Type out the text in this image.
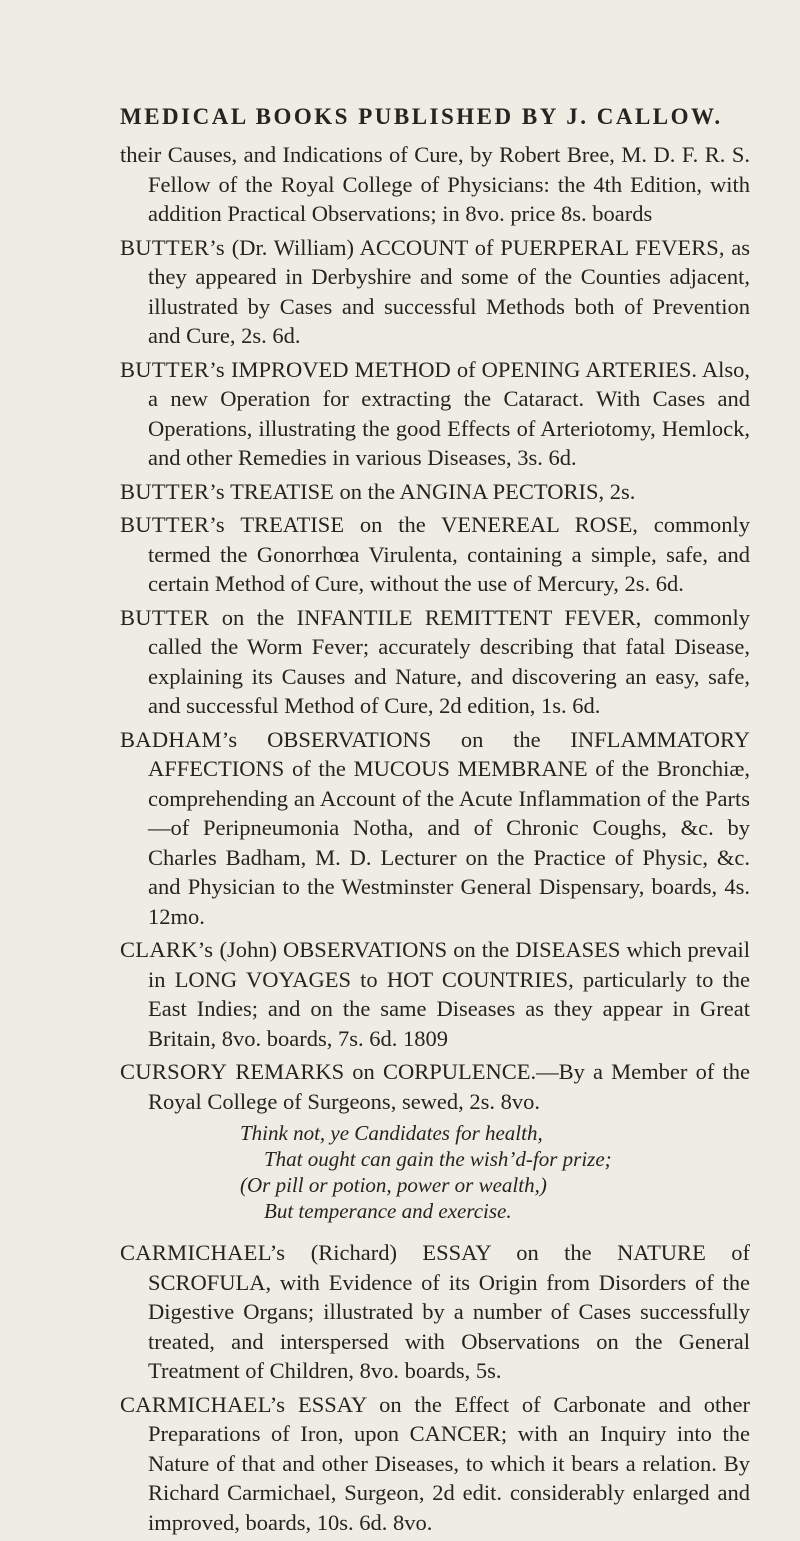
MEDICAL BOOKS PUBLISHED BY J. CALLOW.

their Causes, and Indications of Cure, by Robert Bree, M. D. F. R. S. Fellow of the Royal College of Physicians: the 4th Edition, with addition Practical Observations; in 8vo. price 8s. boards

BUTTER’s (Dr. William) ACCOUNT of PUERPERAL FEVERS, as they appeared in Derbyshire and some of the Counties adjacent, illustrated by Cases and successful Methods both of Prevention and Cure, 2s. 6d.

BUTTER’s IMPROVED METHOD of OPENING ARTERIES. Also, a new Operation for extracting the Cataract. With Cases and Operations, illustrating the good Effects of Arteriotomy, Hemlock, and other Remedies in various Diseases, 3s. 6d.

BUTTER’s TREATISE on the ANGINA PECTORIS, 2s.

BUTTER’s TREATISE on the VENEREAL ROSE, commonly termed the Gonorrhœa Virulenta, containing a simple, safe, and certain Method of Cure, without the use of Mercury, 2s. 6d.

BUTTER on the INFANTILE REMITTENT FEVER, commonly called the Worm Fever; accurately describing that fatal Disease, explaining its Causes and Nature, and discovering an easy, safe, and successful Method of Cure, 2d edition, 1s. 6d.

BADHAM’s OBSERVATIONS on the INFLAMMATORY AFFECTIONS of the MUCOUS MEMBRANE of the Bronchiæ, comprehending an Account of the Acute Inflammation of the Parts—of Peripneumonia Notha, and of Chronic Coughs, &c. by Charles Badham, M. D. Lecturer on the Practice of Physic, &c. and Physician to the Westminster General Dispensary, boards, 4s. 12mo.

CLARK’s (John) OBSERVATIONS on the DISEASES which prevail in LONG VOYAGES to HOT COUNTRIES, particularly to the East Indies; and on the same Diseases as they appear in Great Britain, 8vo. boards, 7s. 6d. 1809

CURSORY REMARKS on CORPULENCE.—By a Member of the Royal College of Surgeons, sewed, 2s. 8vo.

Think not, ye Candidates for health,
That ought can gain the wish’d-for prize;
(Or pill or potion, power or wealth,)
But temperance and exercise.

CARMICHAEL’s (Richard) ESSAY on the NATURE of SCROFULA, with Evidence of its Origin from Disorders of the Digestive Organs; illustrated by a number of Cases successfully treated, and interspersed with Observations on the General Treatment of Children, 8vo. boards, 5s.

CARMICHAEL’s ESSAY on the Effect of Carbonate and other Preparations of Iron, upon CANCER; with an Inquiry into the Nature of that and other Diseases, to which it bears a relation. By Richard Carmichael, Surgeon, 2d edit. considerably enlarged and improved, boards, 10s. 6d. 8vo.
